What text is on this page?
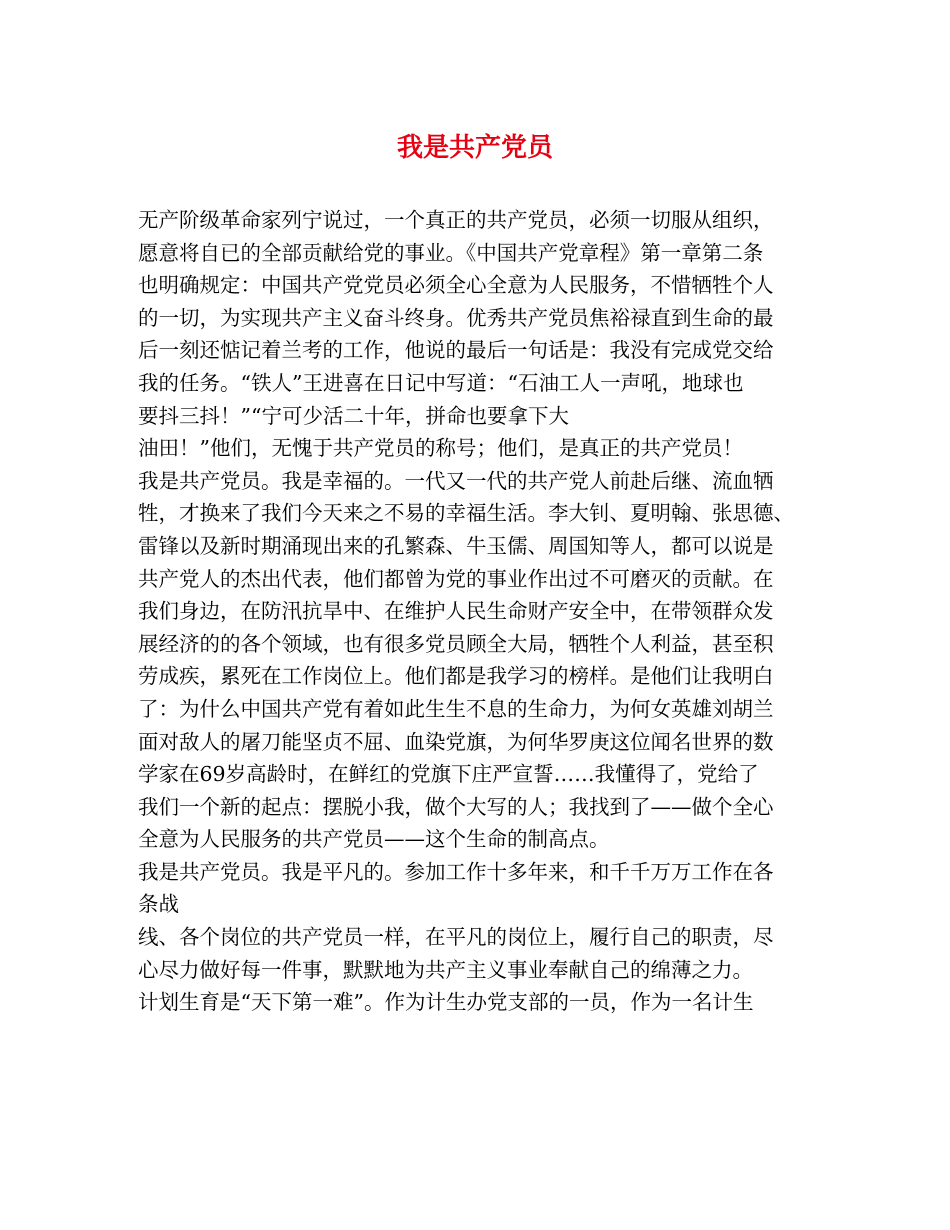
我是共产党员
无产阶级革命家列宁说过，一个真正的共产党员，必须一切服从组织，
愿意将自已的全部贡献给党的事业。《中国共产党章程》第一章第二条
也明确规定：中国共产党党员必须全心全意为人民服务，不惜牺牲个人
的一切，为实现共产主义奋斗终身。优秀共产党员焦裕禄直到生命的最
后一刻还惦记着兰考的工作，他说的最后一句话是：我没有完成党交给
我的任务。“铁人”王进喜在日记中写道：“石油工人一声吼，地球也
要抖三抖！”“宁可少活二十年，拼命也要拿下大
油田！”他们，无愧于共产党员的称号；他们，是真正的共产党员！
我是共产党员。我是幸福的。一代又一代的共产党人前赴后继、流血牺
牲，才换来了我们今天来之不易的幸福生活。李大钊、夏明翰、张思德、
雷锋以及新时期涌现出来的孔繁森、牛玉儒、周国知等人，都可以说是
共产党人的杰出代表，他们都曾为党的事业作出过不可磨灭的贡献。在
我们身边，在防汛抗旱中、在维护人民生命财产安全中，在带领群众发
展经济的的各个领域，也有很多党员顾全大局，牺牲个人利益，甚至积
劳成疾，累死在工作岗位上。他们都是我学习的榜样。是他们让我明白
了：为什么中国共产党有着如此生生不息的生命力，为何女英雄刘胡兰
面对敌人的屠刀能坚贞不屈、血染党旗，为何华罗庚这位闻名世界的数
学家在69岁高龄时，在鲜红的党旗下庄严宣誓……我懂得了，党给了
我们一个新的起点：摆脱小我，做个大写的人；我找到了——做个全心
全意为人民服务的共产党员——这个生命的制高点。
我是共产党员。我是平凡的。参加工作十多年来，和千千万万工作在各
条战
线、各个岗位的共产党员一样，在平凡的岗位上，履行自己的职责，尽
心尽力做好每一件事，默默地为共产主义事业奉献自己的绵薄之力。
计划生育是“天下第一难”。作为计生办党支部的一员，作为一名计生
